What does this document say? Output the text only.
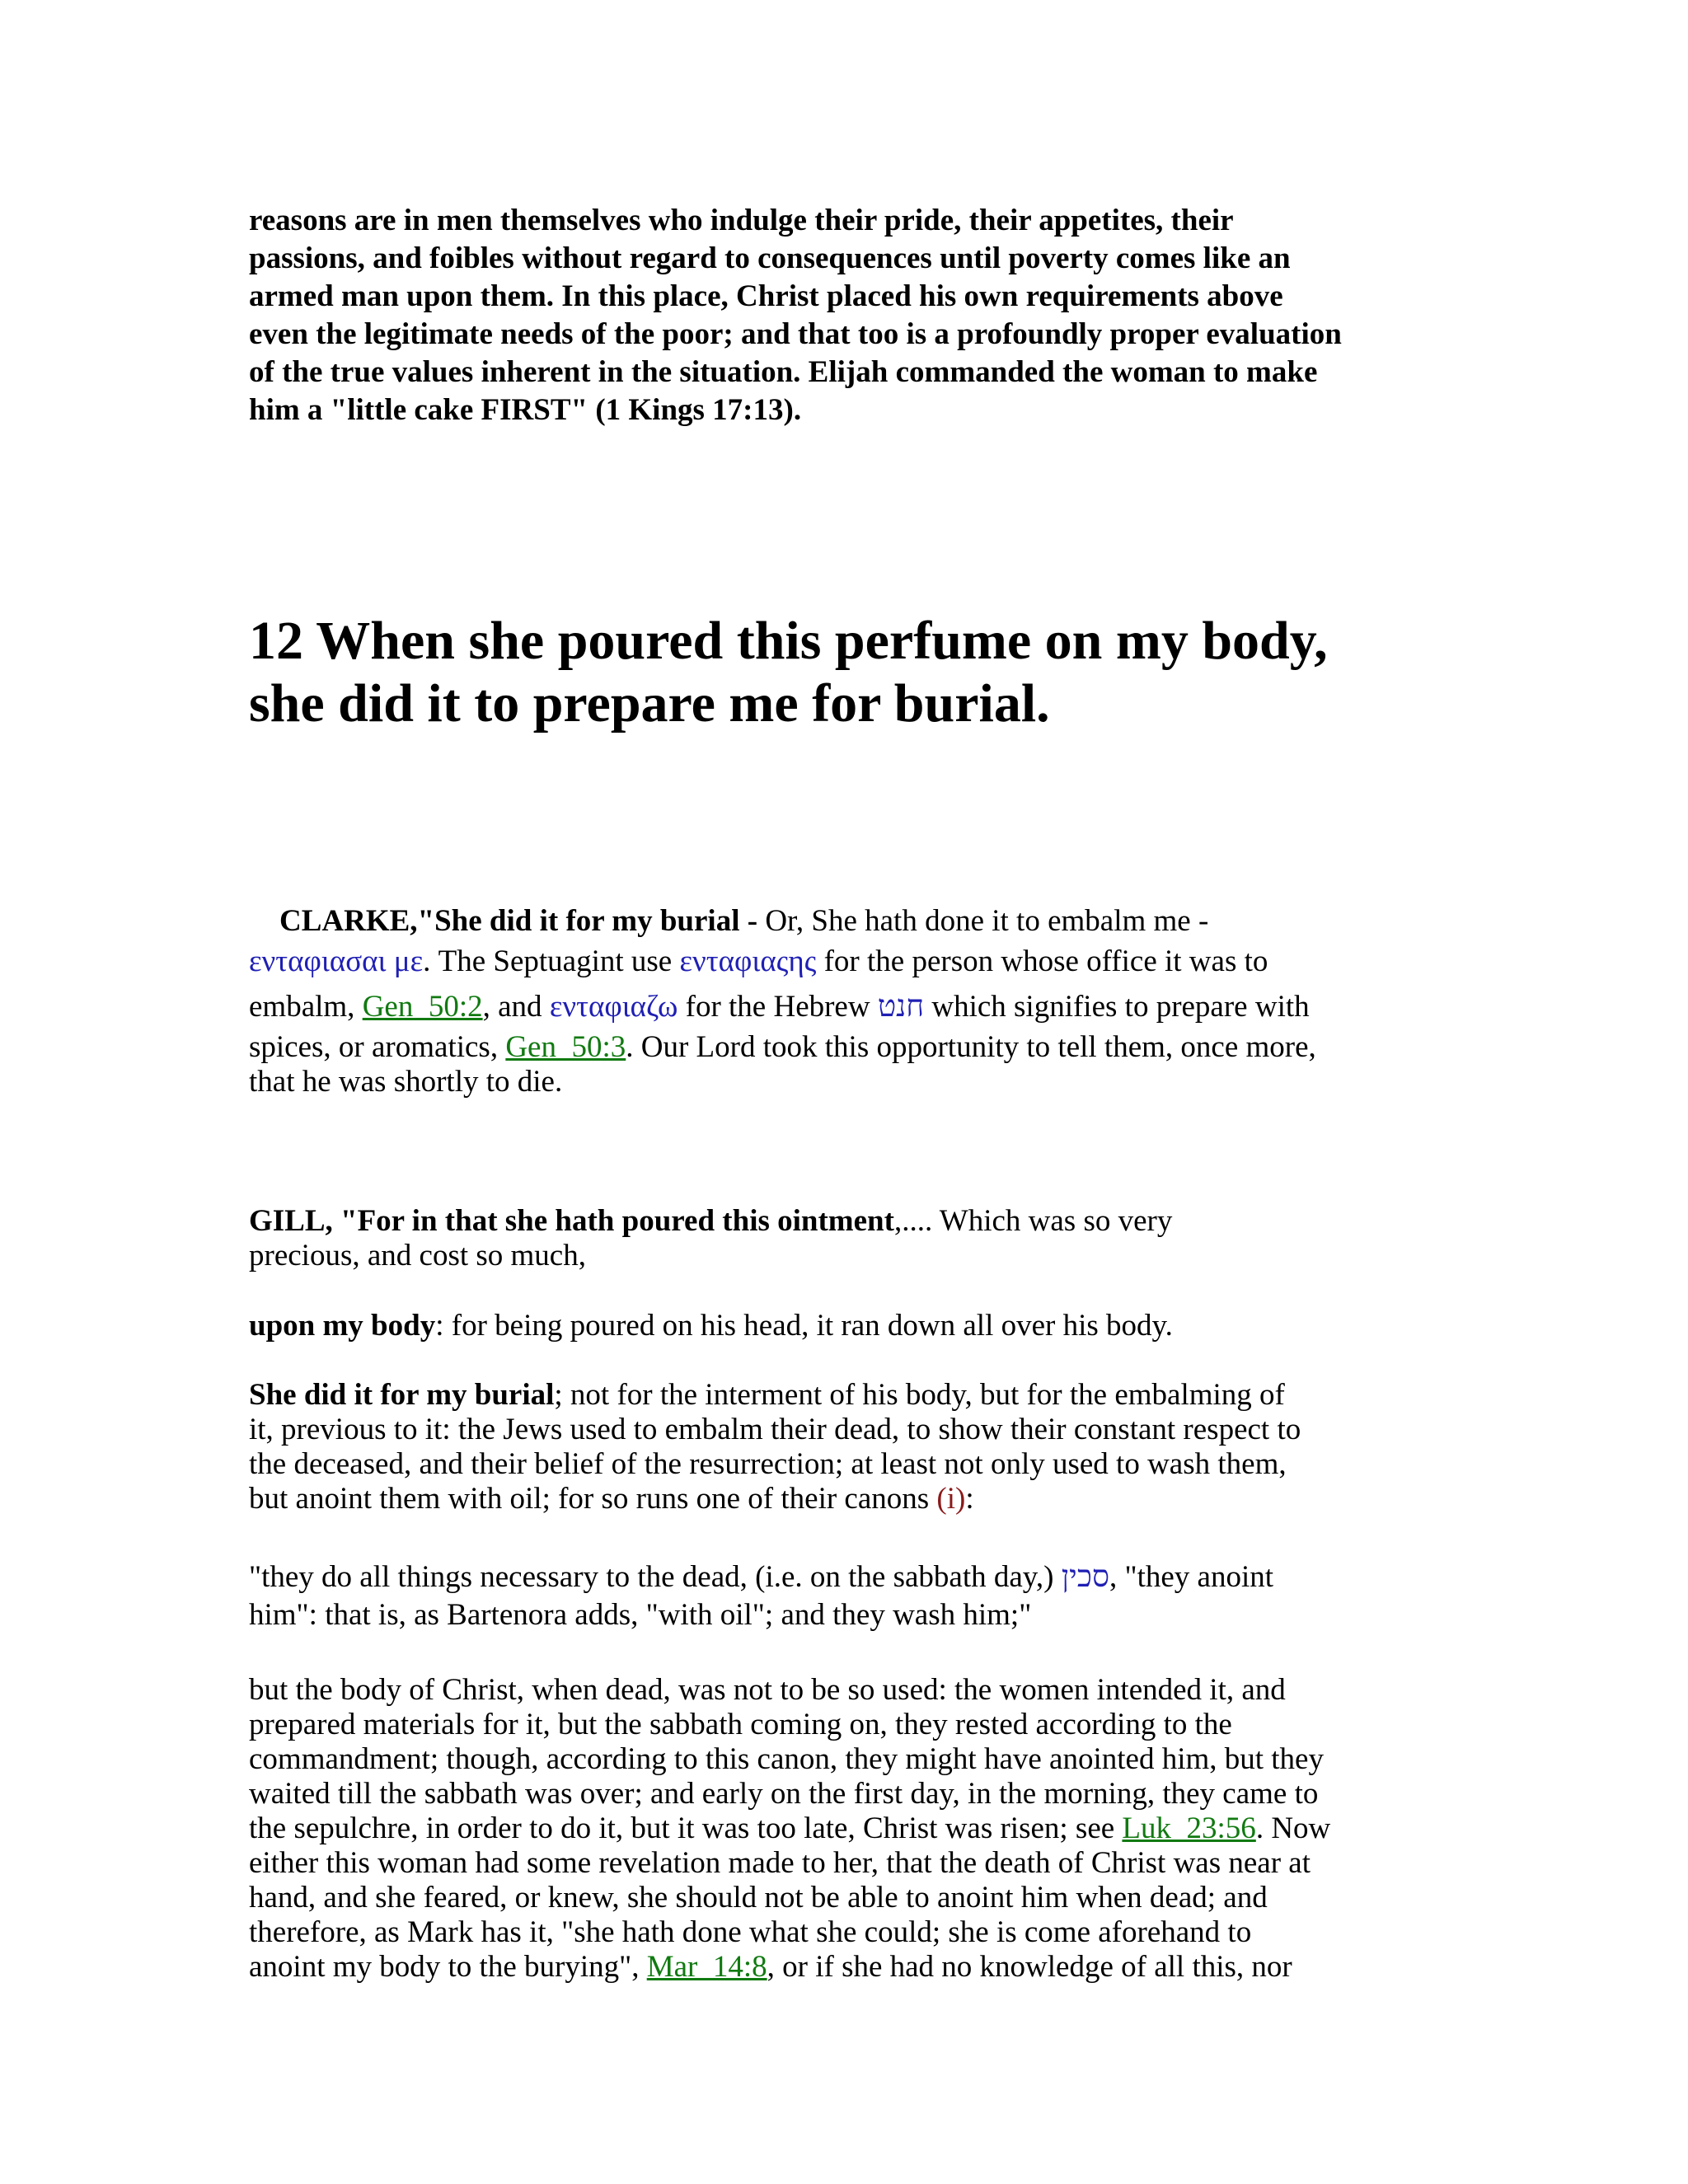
reasons are in men themselves who indulge their pride, their appetites, their
passions, and foibles without regard to consequences until poverty comes like an
armed man upon them. In this place, Christ placed his own requirements above
even the legitimate needs of the poor; and that too is a profoundly proper evaluation
of the true values inherent in the situation. Elijah commanded the woman to make
him a "little cake FIRST" (1 Kings 17:13).
12 When she poured this perfume on my body,
she did it to prepare me for burial.
CLARKE,"She did it for my burial - Or, She hath done it to embalm me -
ενταφιασαι με. The Septuagint use ενταφιαςης for the person whose office it was to
embalm, Gen_50:2, and ενταφιαζω for the Hebrew חנט which signifies to prepare with
spices, or aromatics, Gen_50:3. Our Lord took this opportunity to tell them, once more,
that he was shortly to die.
GILL, "For in that she hath poured this ointment,.... Which was so very
precious, and cost so much,
upon my body: for being poured on his head, it ran down all over his body.
She did it for my burial; not for the interment of his body, but for the embalming of
it, previous to it: the Jews used to embalm their dead, to show their constant respect to
the deceased, and their belief of the resurrection; at least not only used to wash them,
but anoint them with oil; for so runs one of their canons (i):
"they do all things necessary to the dead, (i.e. on the sabbath day,) סכין, "they anoint
him": that is, as Bartenora adds, "with oil"; and they wash him;"
but the body of Christ, when dead, was not to be so used: the women intended it, and
prepared materials for it, but the sabbath coming on, they rested according to the
commandment; though, according to this canon, they might have anointed him, but they
waited till the sabbath was over; and early on the first day, in the morning, they came to
the sepulchre, in order to do it, but it was too late, Christ was risen; see Luk_23:56. Now
either this woman had some revelation made to her, that the death of Christ was near at
hand, and she feared, or knew, she should not be able to anoint him when dead; and
therefore, as Mark has it, "she hath done what she could; she is come aforehand to
anoint my body to the burying", Mar_14:8, or if she had no knowledge of all this, nor
